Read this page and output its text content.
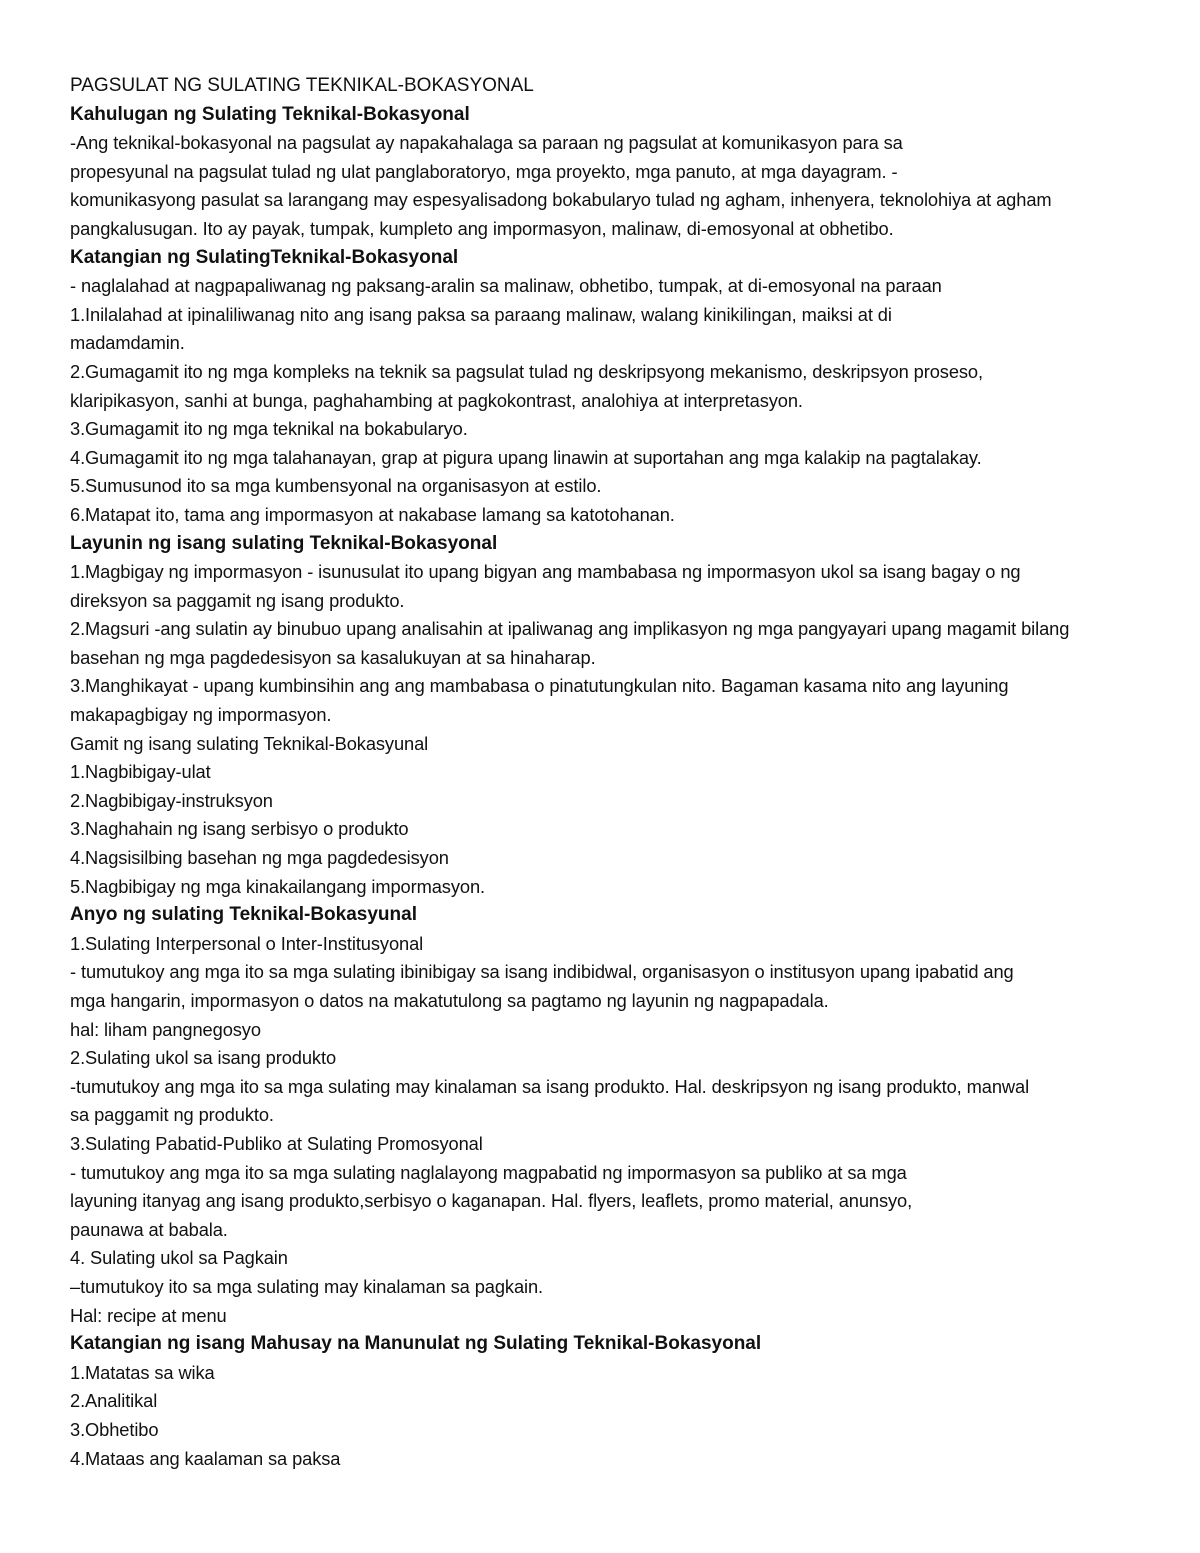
PAGSULAT NG SULATING TEKNIKAL-BOKASYONAL
Kahulugan ng Sulating Teknikal-Bokasyonal
-Ang teknikal-bokasyonal na pagsulat ay napakahalaga sa paraan ng pagsulat at komunikasyon para sa
propesyunal na pagsulat tulad ng ulat panglaboratoryo, mga proyekto, mga panuto, at mga dayagram. -
komunikasyong pasulat sa larangang may espesyalisadong bokabularyo tulad ng agham, inhenyera, teknolohiya at agham
pangkalusugan. Ito ay payak, tumpak, kumpleto ang impormasyon, malinaw, di-emosyonal at obhetibo.
Katangian ng SulatingTeknikal-Bokasyonal
- naglalahad at nagpapaliwanag ng paksang-aralin sa malinaw, obhetibo, tumpak, at di-emosyonal na paraan
1.Inilalahad at ipinaliliwanag nito ang isang paksa sa paraang malinaw, walang kinikilingan, maiksi at di
madamdamin.
2.Gumagamit ito ng mga kompleks na teknik sa pagsulat tulad ng deskripsyong mekanismo, deskripsyon proseso,
klaripikasyon, sanhi at bunga, paghahambing at pagkokontrast, analohiya at interpretasyon.
3.Gumagamit ito ng mga teknikal na bokabularyo.
4.Gumagamit ito ng mga talahanayan, grap at pigura upang linawin at suportahan ang mga kalakip na pagtalakay.
5.Sumusunod ito sa mga kumbensyonal na organisasyon at estilo.
6.Matapat ito, tama ang impormasyon at nakabase lamang sa katotohanan.
Layunin ng isang sulating Teknikal-Bokasyonal
1.Magbigay ng impormasyon - isunusulat ito upang bigyan ang mambabasa ng impormasyon ukol sa isang bagay o ng
direksyon sa paggamit ng isang produkto.
2.Magsuri -ang sulatin ay binubuo upang analisahin at ipaliwanag ang implikasyon ng mga pangyayari upang magamit bilang
basehan ng mga pagdedesisyon sa kasalukuyan at sa hinaharap.
3.Manghikayat - upang kumbinsihin ang ang mambabasa o pinatutungkulan nito. Bagaman kasama nito ang layuning
makapagbigay ng impormasyon.
Gamit ng isang sulating Teknikal-Bokasyunal
1.Nagbibigay-ulat
2.Nagbibigay-instruksyon
3.Naghahain ng isang serbisyo o produkto
4.Nagsisilbing basehan ng mga pagdedesisyon
5.Nagbibigay ng mga kinakailangang impormasyon.
Anyo ng sulating Teknikal-Bokasyunal
1.Sulating Interpersonal o Inter-Institusyonal
- tumutukoy ang mga ito sa mga sulating ibinibigay sa isang indibidwal, organisasyon o institusyon upang ipabatid ang
mga hangarin, impormasyon o datos na makatutulong sa pagtamo ng layunin ng nagpapadala.
hal: liham pangnegosyo
2.Sulating ukol sa isang produkto
-tumutukoy ang mga ito sa mga sulating may kinalaman sa isang produkto. Hal. deskripsyon ng isang produkto, manwal
sa paggamit ng produkto.
3.Sulating Pabatid-Publiko at Sulating Promosyonal
- tumutukoy ang mga ito sa mga sulating naglalayong magpabatid ng impormasyon sa publiko at sa mga
layuning itanyag ang isang produkto,serbisyo o kaganapan. Hal. flyers, leaflets, promo material, anunsyo,
paunawa at babala.
4. Sulating ukol sa Pagkain
–tumutukoy ito sa mga sulating may kinalaman sa pagkain.
Hal: recipe at menu
Katangian ng isang Mahusay na Manunulat ng Sulating Teknikal-Bokasyonal
1.Matatas sa wika
2.Analitikal
3.Obhetibo
4.Mataas ang kaalaman sa paksa
